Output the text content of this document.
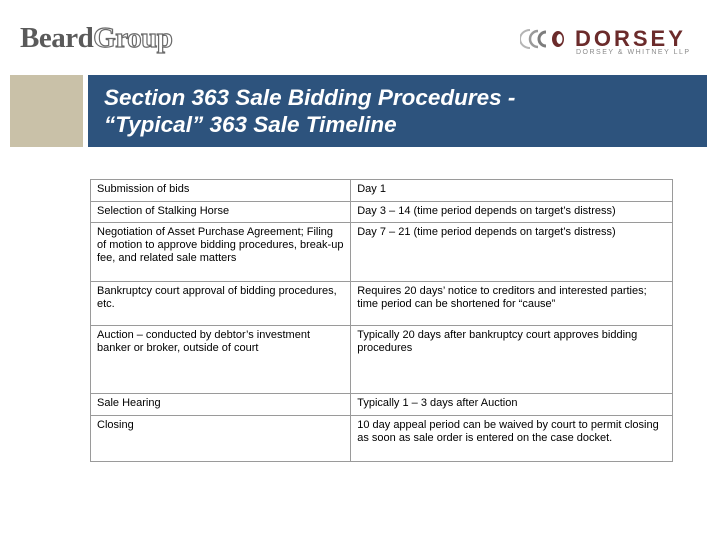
Beard Group	DORSEY
DORSEY & WHITNEY LLP
Section 363 Sale Bidding Procedures -
“Typical” 363 Sale Timeline
Submission of bids	Day 1
Selection of Stalking Horse	Day 3 – 14 (time period depends on target’s distress)
Negotiation of Asset Purchase Agreement; Filing of motion to approve bidding procedures, break-up fee, and related sale matters	Day 7 – 21 (time period depends on target’s distress)
Bankruptcy court approval of bidding procedures, etc.	Requires 20 days’ notice to creditors and interested parties; time period can be shortened for “cause”
Auction – conducted by debtor’s investment banker or broker, outside of court	Typically 20 days after bankruptcy court approves bidding procedures
Sale Hearing	Typically 1 – 3 days after Auction
Closing	10 day appeal period can be waived by court to permit closing as soon as sale order is entered on the case docket.
